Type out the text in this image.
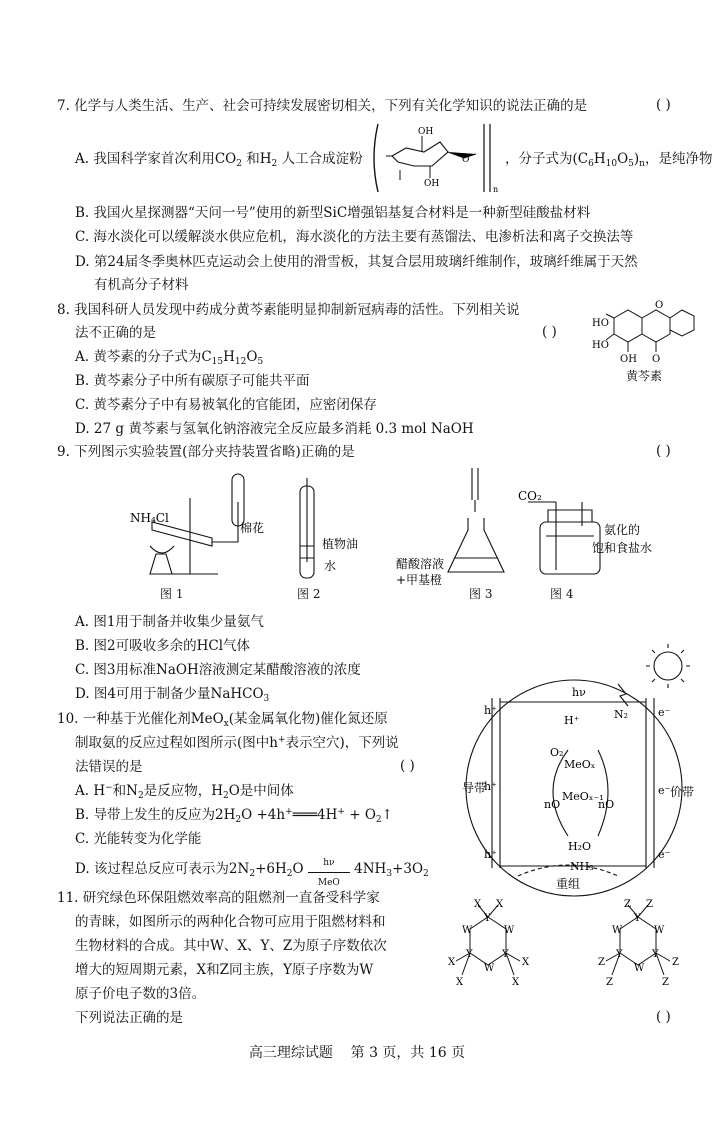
7. 化学与人类生活、生产、社会可持续发展密切相关，下列有关化学知识的说法正确的是	( )
A. 我国科学家首次利用$CO_2$ 和$H_2$ 人工合成淀粉
OH
OH
O
n
，分子式为$(C_6H_{10}O_5)_n$，是纯净物
B. 我国火星探测器“天问一号”使用的新型SiC增强铝基复合材料是一种新型硅酸盐材料
C. 海水淡化可以缓解淡水供应危机，海水淡化的方法主要有蒸馏法、电渗析法和离子交换法等
D. 第24届冬季奥林匹克运动会上使用的滑雪板，其复合层用玻璃纤维制作，玻璃纤维属于天然
有机高分子材料
8. 我国科研人员发现中药成分黄芩素能明显抑制新冠病毒的活性。下列相关说
法不正确的是	( )
A. 黄芩素的分子式为$C_{15}H_{12}O_5$
B. 黄芩素分子中所有碳原子可能共平面
C. 黄芩素分子中有易被氧化的官能团，应密闭保存
D. 27 g 黄芩素与氢氧化钠溶液完全反应最多消耗 0.3 mol NaOH
HO
HO
OH O
O
黄芩素
9. 下列图示实验装置(部分夹持装置省略)正确的是	( )
NH₄Cl
棉花
植物油
水
图 1	图 2
醋酸溶液
+甲基橙
CO₂
氨化的
饱和食盐水
图 3	图 4
A. 图1用于制备并收集少量氨气
B. 图2可吸收多余的HCl气体
C. 图3用标准NaOH溶液测定某醋酸溶液的浓度
D. 图4可用于制备少量NaHCO$_3$
10. 一种基于光催化剂MeO$_x$(某金属氧化物)催化氮还原
制取氨的反应过程如图所示(图中h+表示空穴)，下列说
法错误的是	( )
A. H−和$N_2$是反应物，$H_2O$是中间体
B. 导带上发生的反应为$2H_2O$ +4h+═══4H+ + $O_2↑$
C. 光能转变为化学能
D. 该过程总反应可表示为$2N_2+6H_2O$	hν
MeO
$4NH_3+3O_2$
hν
h⁺
h⁺
h⁺
e⁻
e⁻
e⁻
H⁺	N₂
O₂
MeOₓ
MeOₓ₋₁
nO	nO
H₂O
NH₃
导带	价带
重组
11. 研究绿色环保阻燃效率高的阻燃剂一直备受科学家
的青睐，如图所示的两种化合物可应用于阻燃材料和
生物材料的合成。其中W、X、Y、Z为原子序数依次
增大的短周期元素，X和Z同主族，Y原子序数为W
原子价电子数的3倍。
下列说法正确的是	( )
X X
Y
W
W
Y	Y
W
X
X
X
X
Z Z
Y
W
W
Y	Y
W
Z
Z
Z
Z
高三理综试题    第 3 页，共 16 页
